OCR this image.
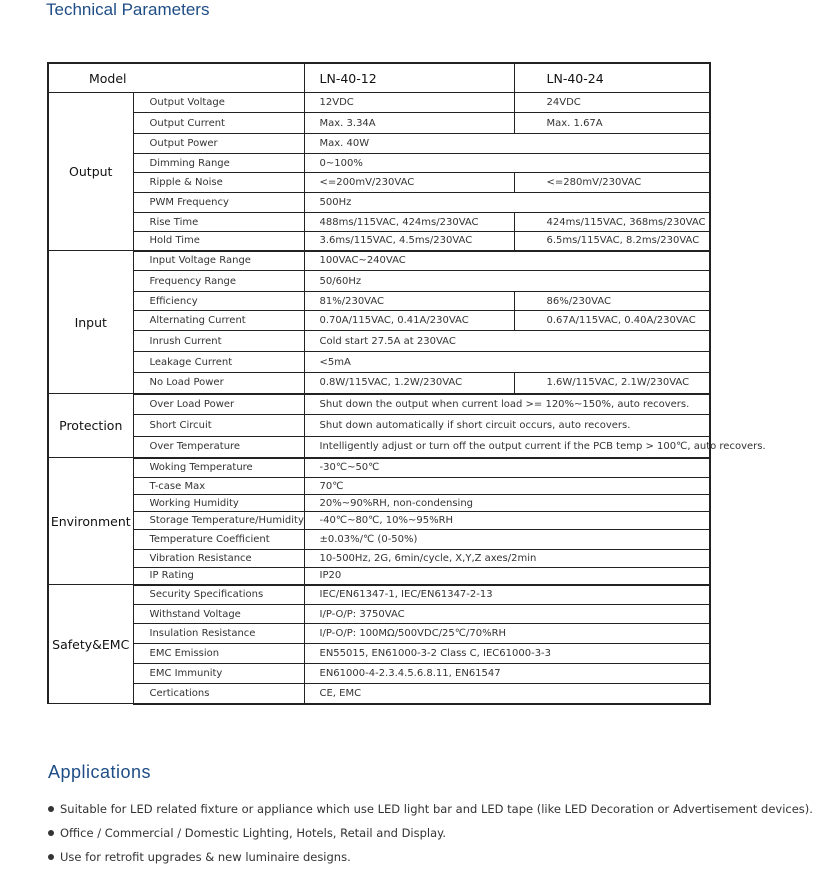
Technical Parameters
Model		LN-40-12	LN-40-24
Output	Output Voltage	12VDC	24VDC
	Output Current	Max. 3.34A	Max. 1.67A
	Output Power	Max. 40W	
	Dimming Range	0~100%	
	Ripple & Noise	<=200mV/230VAC	<=280mV/230VAC
	PWM Frequency	500Hz	
	Rise Time	488ms/115VAC, 424ms/230VAC	424ms/115VAC, 368ms/230VAC
	Hold Time	3.6ms/115VAC, 4.5ms/230VAC	6.5ms/115VAC, 8.2ms/230VAC
Input	Input Voltage Range	100VAC~240VAC	
	Frequency Range	50/60Hz	
	Efficiency	81%/230VAC	86%/230VAC
	Alternating Current	0.70A/115VAC, 0.41A/230VAC	0.67A/115VAC, 0.40A/230VAC
	Inrush Current	Cold start 27.5A at 230VAC	
	Leakage Current	<5mA	
	No Load Power	0.8W/115VAC, 1.2W/230VAC	1.6W/115VAC, 2.1W/230VAC
Protection	Over Load Power	Shut down the output when current load >= 120%~150%, auto recovers.	
	Short Circuit	Shut down automatically if short circuit occurs, auto recovers.	
	Over Temperature	Intelligently adjust or turn off the output current if the PCB temp > 100℃, auto recovers.	
Environment	Woking Temperature	-30℃~50℃	
	T-case Max	70℃	
	Working Humidity	20%~90%RH, non-condensing	
	Storage Temperature/Humidity	-40℃~80℃, 10%~95%RH	
	Temperature Coefficient	±0.03%/℃ (0-50%)	
	Vibration Resistance	10-500Hz, 2G, 6min/cycle, X,Y,Z axes/2min	
	IP Rating	IP20	
Safety&EMC	Security Specifications	IEC/EN61347-1, IEC/EN61347-2-13	
	Withstand Voltage	I/P-O/P: 3750VAC	
	Insulation Resistance	I/P-O/P: 100MΩ/500VDC/25℃/70%RH	
	EMC Emission	EN55015, EN61000-3-2 Class C, IEC61000-3-3	
	EMC Immunity	EN61000-4-2.3.4.5.6.8.11, EN61547	
	Certications	CE, EMC	
Applications
Suitable for LED related fixture or appliance which use LED light bar and LED tape (like LED Decoration or Advertisement devices).
Office / Commercial / Domestic Lighting, Hotels, Retail and Display.
Use for retrofit upgrades & new luminaire designs.
